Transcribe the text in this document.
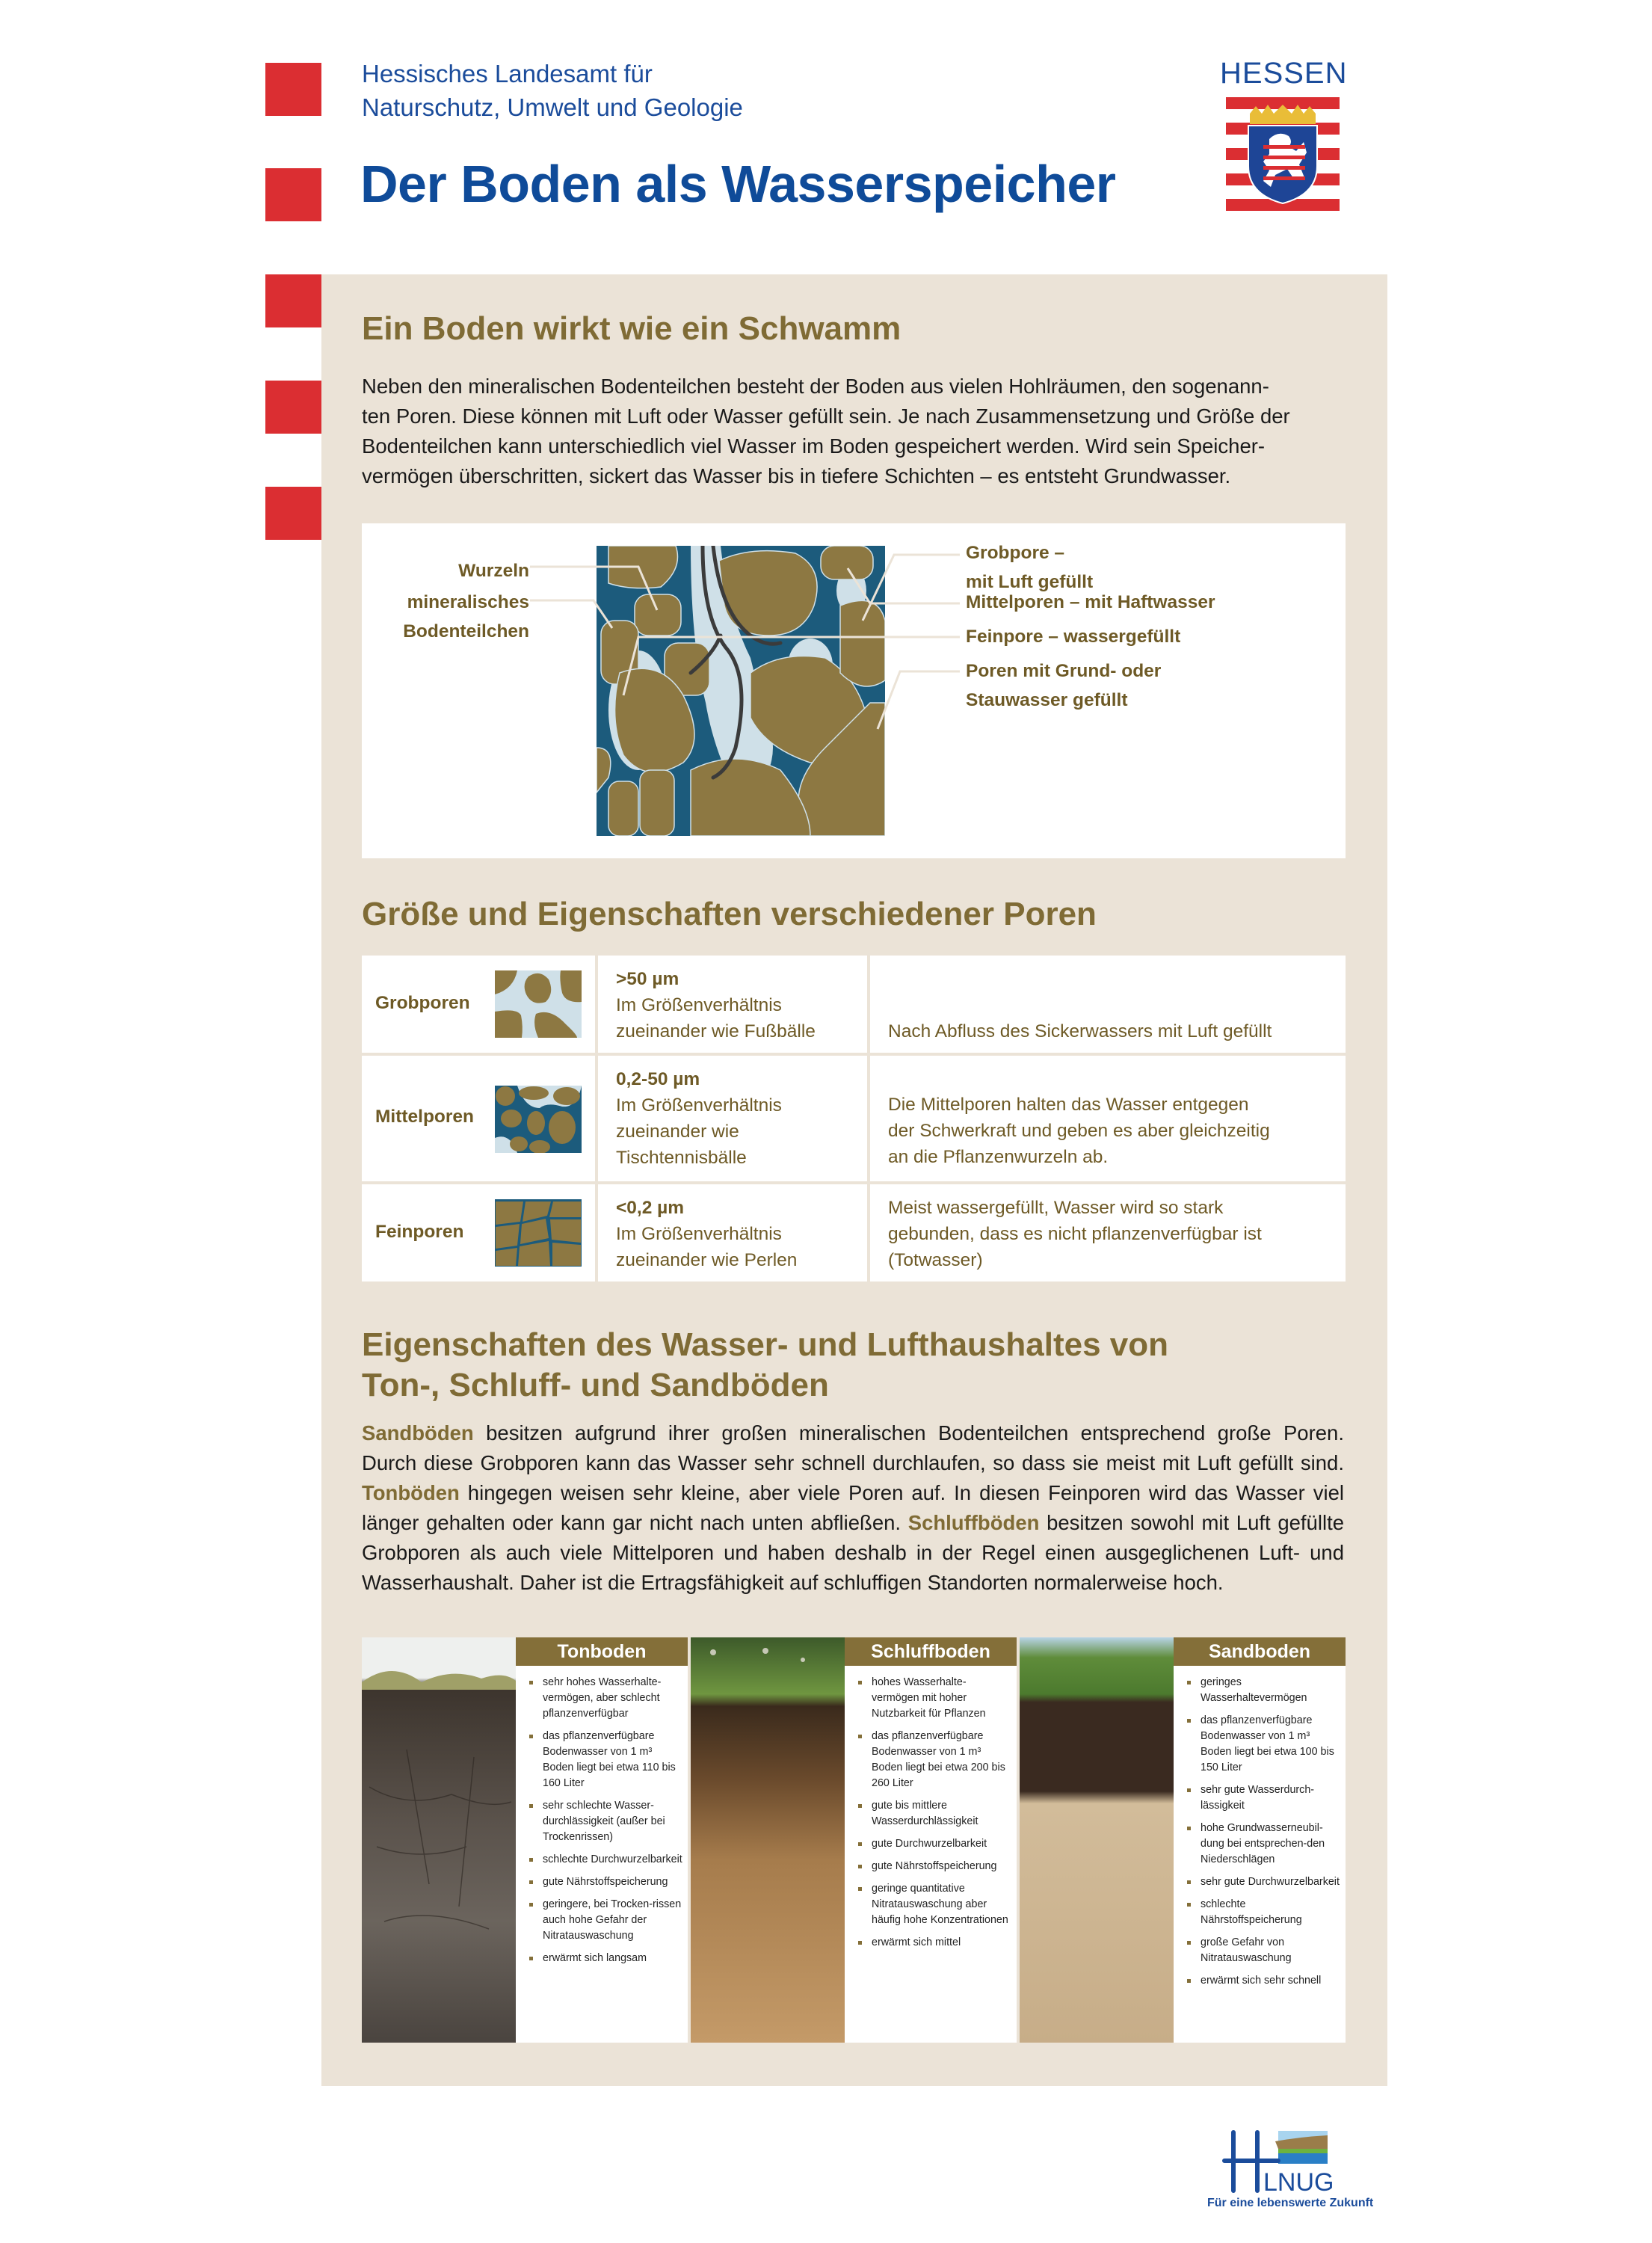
Hessisches Landesamt für
Naturschutz, Umwelt und Geologie
Der Boden als Wasserspeicher
HESSEN
Ein Boden wirkt wie ein Schwamm
Neben den mineralischen Bodenteilchen besteht der Boden aus vielen Hohlräumen, den sogenann-
ten Poren. Diese können mit Luft oder Wasser gefüllt sein. Je nach Zusammensetzung und Größe der
Bodenteilchen kann unterschiedlich viel Wasser im Boden gespeichert werden. Wird sein Speicher-
vermögen überschritten, sickert das Wasser bis in tiefere Schichten – es entsteht Grundwasser.
Wurzeln
mineralisches
Bodenteilchen
Grobpore –
mit Luft gefüllt
Mittelporen – mit Haftwasser
Feinpore – wassergefüllt
Poren mit Grund- oder
Stauwasser gefüllt
Größe und Eigenschaften verschiedener Poren
Grobporen
>50 µm
Im Größenverhältnis
zueinander wie Fußbälle	Nach Abfluss des Sickerwassers mit Luft gefüllt
Mittelporen
0,2-50 µm
Im Größenverhältnis
zueinander wie
Tischtennisbälle
Die Mittelporen halten das Wasser entgegen
der Schwerkraft und geben es aber gleichzeitig
an die Pflanzenwurzeln ab.
Feinporen
<0,2 µm
Im Größenverhältnis
zueinander wie Perlen
Meist wassergefüllt, Wasser wird so stark
gebunden, dass es nicht pflanzenverfügbar ist
(Totwasser)
Eigenschaften des Wasser- und Lufthaushaltes von
Ton-, Schluff- und Sandböden
Sandböden besitzen aufgrund ihrer großen mineralischen Bodenteilchen entsprechend große Poren. Durch diese Grobporen kann das Wasser sehr schnell durchlaufen, so dass sie meist mit Luft gefüllt sind. Tonböden hingegen weisen sehr kleine, aber viele Poren auf. In diesen Feinporen wird das Wasser viel länger gehalten oder kann gar nicht nach unten abfließen. Schluffböden besitzen sowohl mit Luft gefüllte Grobporen als auch viele Mittelporen und haben deshalb in der Regel einen ausgeglichenen Luft- und Wasserhaushalt. Daher ist die Ertragsfähigkeit auf schluffigen Standorten normalerweise hoch.
Tonboden
sehr hohes Wasserhalte-vermögen, aber schlecht pflanzenverfügbar
das pflanzenverfügbare Bodenwasser von 1 m³ Boden liegt bei etwa 110 bis 160 Liter
sehr schlechte Wasser-durchlässigkeit (außer bei Trockenrissen)
schlechte Durchwurzelbarkeit
gute Nährstoffspeicherung
geringere, bei Trocken-rissen auch hohe Gefahr der Nitratauswaschung
erwärmt sich langsam
Schluffboden
hohes Wasserhalte-vermögen mit hoher Nutzbarkeit für Pflanzen
das pflanzenverfügbare Bodenwasser von 1 m³ Boden liegt bei etwa 200 bis 260 Liter
gute bis mittlere Wasserdurchlässigkeit
gute Durchwurzelbarkeit
gute Nährstoffspeicherung
geringe quantitative Nitratauswaschung aber häufig hohe Konzentrationen
erwärmt sich mittel
Sandboden
geringes Wasserhaltevermögen
das pflanzenverfügbare Bodenwasser von 1 m³ Boden liegt bei etwa 100 bis 150 Liter
sehr gute Wasserdurch-lässigkeit
hohe Grundwasserneubil-dung bei entsprechen-den Niederschlägen
sehr gute Durchwurzelbarkeit
schlechte Nährstoffspeicherung
große Gefahr von Nitratauswaschung
erwärmt sich sehr schnell
LNUG
Für eine lebenswerte Zukunft
